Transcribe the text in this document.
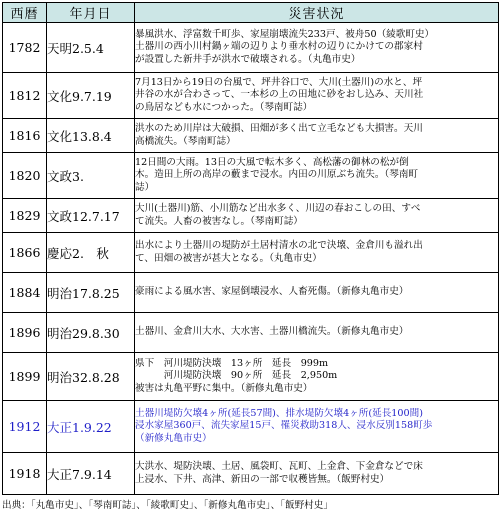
西暦	年月日	災害状況
1782	天明2.5.4	暴風洪水、浮富数千町歩、家屋崩壊流失233戸、被舟50（綾歌町史）
土器川の西小川村鍋ヶ端の辺りより垂水村の辺りにかけての郡家村
が設置した新井手が洪水で破壊される。（丸亀市史）
1812	文化9.7.19	7月13日から19日の台風で、坪井谷口で、大川(土器川)の水と、坪
井谷の水が合わさって、一本杉の上の田地に砂をおし込み、天川社
の鳥居なども水につかった。（琴南町誌）
1816	文化13.8.4	洪水のため川岸は大破損、田畑が多く出て立毛なども大損害。天川
高橋流失。（琴南町誌）
1820	文政3.	12日間の大雨。13日の大風で転木多く、高松藩の御林の松が倒
木。造田上所の高岸の藪まで浸水。内田の川原ぶち流失。（琴南町
誌）
1829	文政12.7.17	大川(土器川)筋、小川筋など出水多く、川辺の春おこしの田、すべ
て流失。人畜の被害なし。（琴南町誌）
1866	慶応2.　秋	出水により土器川の堤防が土居村清水の北で決壊、金倉川も溢れ出
て、田畑の被害が甚大となる。（丸亀市史）
1884	明治17.8.25	豪雨による風水害、家屋倒壊浸水、人畜死傷。（新修丸亀市史）
1896	明治29.8.30	土器川、金倉川大水、大水害、土器川橋流失。（新修丸亀市史）
1899	明治32.8.28	県下　河川堤防決壊　13ヶ所　延長　999m
　　　河川堤防決壊　90ヶ所　延長　2,950m
被害は丸亀平野に集中。（新修丸亀市史）
1912	大正1.9.22	土器川堤防欠壊4ヶ所(延長57間)、排水堤防欠壊4ヶ所(延長100間)
浸水家屋360戸、流失家屋15戸、罹災救助318人、浸水反別158町歩
（新修丸亀市史）
1918	大正7.9.14	大洪水、堤防決壊、土居、風袋町、瓦町、上金倉、下金倉などで床
上浸水、下井、高津、新田の一部で収穫皆無。（飯野村史）
出典：「丸亀市史」、「琴南町誌」、「綾歌町史」、「新修丸亀市史」、「飯野村史」
